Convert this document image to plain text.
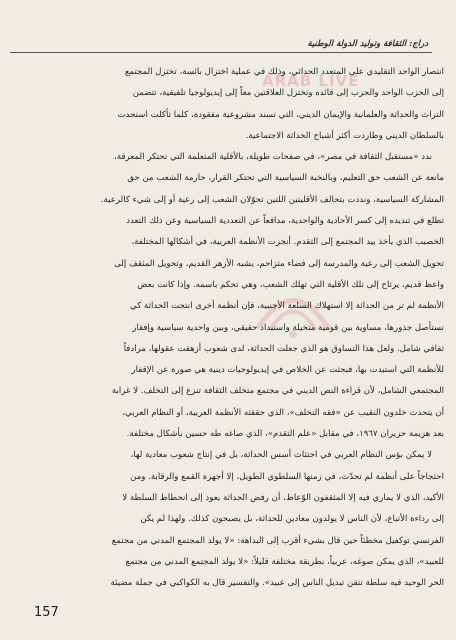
دراج: الثقافة وتوليد الدولة الوطنية
ARAB LIVE
انتصار الواحد التقليدي على المتعدد الحداثي، وذلك في عملية اختزال بائسة، تختزل المجتمع
إلى الحزب الواحد والحزب إلى قائده وتختزل العلاقتين معاً إلى إيديولوجيا تلفيقية، تتضمن
التراث والحداثة والعلمانية والإيمان الديني، التي تسند مشروعية مفقودة، كلما تأكلت استجدت
بالسلطان الديني وطاردت أكثر أشباح الحداثة الاجتماعية.
ندد «مستقبل الثقافة في مصر»، في صفحات طويلة، بالأقلية المتعلمة التي تحتكر المعرفة،
مانعة عن الشعب حق التعليم، وبالنخبة السياسية التي تحتكر القرار، حارمة الشعب من حق
المشاركة السياسية، ونددت بتحالف الأقليتين اللتين تحوّلان الشعب إلى رعية أو إلى شيء كالرعية.
تطلع في تنديده إلى كسر الأحادية والواحدية، مدافعاً عن التعددية السياسية وعن ذلك التعدد
الخصيب الذي يأخذ بيد المجتمع إلى التقدم. أنجزت الأنظمة العربية، في أشكالها المختلفة،
تحويل الشعب إلى رعية والمدرسة إلى فضاء متزاحم، يشبه الأزهر القديم، وتحويل المثقف إلى
واعظ قديم، يرتاح إلى تلك الأقلية التي تهلك الشعب، وهي تحكم باسمه. وإذا كانت بعض
الأنظمة لم تر من الحداثة إلا استهلاك السلعة الأجنبية، فإن أنظمة أخرى انتجت الحداثة كي
تستأصل جذورها، مساوية بين قومية متخيلة واستبداد حقيقي، وبين واحدية سياسية وإفقار
ثقافي شامل. ولعل هذا التساوق هو الذي جعلت الحداثة، لدى شعوب أزهقت عقولها، مرادفاً
للأنظمة التي استبدت بها، فبحثت عن الخلاص في إيديولوجيات دينية هي صورة عن الإقفار
المجتمعي الشامل، لأن قراءة النص الديني في مجتمع متخلف الثقافة تنزع إلى التخلف. لا غرابة
أن يتحدث خلدون النقيب عن «فقه التخلف»، الذي حققته الأنظمة العربية، أو النظام العربي،
بعد هزيمة حزيران ١٩٦٧، في مقابل «علم التقدم»، الذي صاغه طه حسين بأشكال مختلفة.
لا يمكن بؤس النظام العربي في اجتثاث أسس الحداثة، بل في إنتاج شعوب معادية لها،
احتجاجاً على أنظمة لم تحدّث، في زمنها السلطوي الطويل، إلا أجهزة القمع والرقابة. ومن
الأكيد، الذي لا يماري فيه إلا المثقفون الوّعاظ، أن رفض الحداثة يعود إلى انحطاط السلطة لا
إلى رداءة الأتباع، لأن الناس لا يولدون معادين للحداثة، بل يصبحون كذلك. ولهذا لم يكن
الفرنسي توكفيل مخطئاً حين قال بشيء أقرب إلى البداهة: «لا يولد المجتمع المدني من مجتمع
للعبيد»، الذي يمكن صوغه، عربياً، بطريقة مختلفة قليلاً: «لا يولد المجتمع المدني من مجتمع
الحر الوحيد فيه سلطة تتقن تبديل الناس إلى عبيد». والتفسير قال به الكواكبي في جملة مضيئة
157
